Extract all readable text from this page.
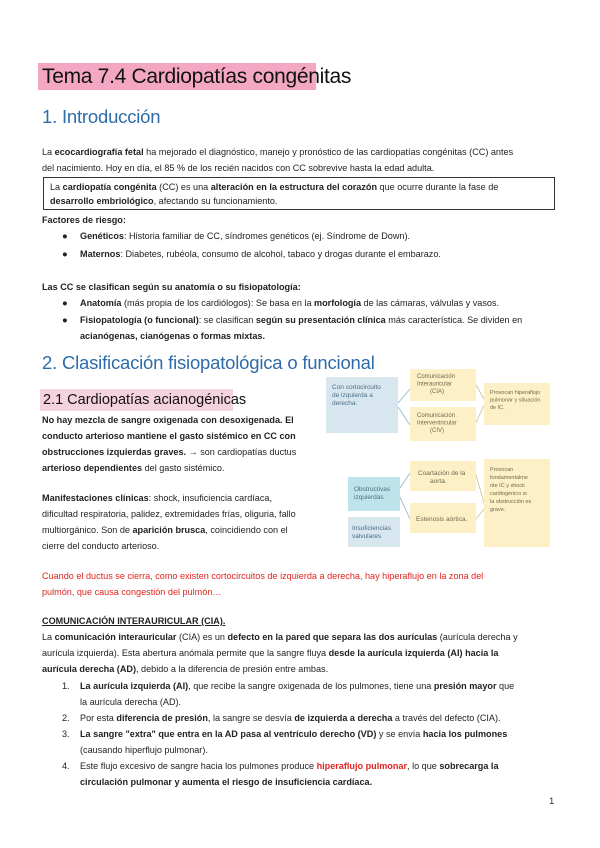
Tema 7.4 Cardiopatías congénitas
1. Introducción
La ecocardiografía fetal ha mejorado el diagnóstico, manejo y pronóstico de las cardiopatías congénitas (CC) antes
del nacimiento. Hoy en día, el 85 % de los recién nacidos con CC sobrevive hasta la edad adulta.
La cardiopatía congénita (CC) es una alteración en la estructura del corazón que ocurre durante la fase de
desarrollo embriológico, afectando su funcionamiento.
Factores de riesgo:
● Genéticos: Historia familiar de CC, síndromes genéticos (ej. Síndrome de Down).
● Maternos: Diabetes, rubéola, consumo de alcohol, tabaco y drogas durante el embarazo.
Las CC se clasifican según su anatomía o su fisiopatología:
● Anatomía (más propia de los cardiólogos): Se basa en la morfología de las cámaras, válvulas y vasos.
● Fisiopatología (o funcional): se clasifican según su presentación clínica más característica. Se dividen en
acianógenas, cianógenas o formas mixtas.
2. Clasificación fisiopatológica o funcional
2.1 Cardiopatías acianogénicas
No hay mezcla de sangre oxigenada con desoxigenada. El
conducto arterioso mantiene el gasto sistémico en CC con
obstrucciones izquierdas graves. → son cardiopatías ductus
arterioso dependientes del gasto sistémico.
Manifestaciones clínicas: shock, insuficiencia cardíaca,
dificultad respiratoria, palidez, extremidades frías, oliguria, fallo
multiorgánico. Son de aparición brusca, coincidiendo con el
cierre del conducto arterioso.
Con cortocircuito de izquierda a derecha:
Obstructivas izquierdas
Insuficiencias valvulares
Comunicación Interauricular (CIA)
Comunicación Interventricular (CIV)
Coartación de la aorta.
Estenosis aórtica.
Provocan hiperaflujo pulmonar y situación de IC.
Provocan fundamentalme nte IC y shock cardiogénico si la obstrucción es grave.
Cuando el ductus se cierra, como existen cortocircuitos de izquierda a derecha, hay hiperaflujo en la zona del
pulmón, que causa congestión del pulmón…
COMUNICACIÓN INTERAURICULAR (CIA).
La comunicación interauricular (CIA) es un defecto en la pared que separa las dos aurículas (aurícula derecha y
aurícula izquierda). Esta abertura anómala permite que la sangre fluya desde la aurícula izquierda (AI) hacia la
aurícula derecha (AD), debido a la diferencia de presión entre ambas.
1. La aurícula izquierda (AI), que recibe la sangre oxigenada de los pulmones, tiene una presión mayor que
la aurícula derecha (AD).
2. Por esta diferencia de presión, la sangre se desvía de izquierda a derecha a través del defecto (CIA).
3. La sangre "extra" que entra en la AD pasa al ventrículo derecho (VD) y se envía hacia los pulmones
(causando hiperflujo pulmonar).
4. Este flujo excesivo de sangre hacia los pulmones produce hiperaflujo pulmonar, lo que sobrecarga la
circulación pulmonar y aumenta el riesgo de insuficiencia cardíaca.
1
